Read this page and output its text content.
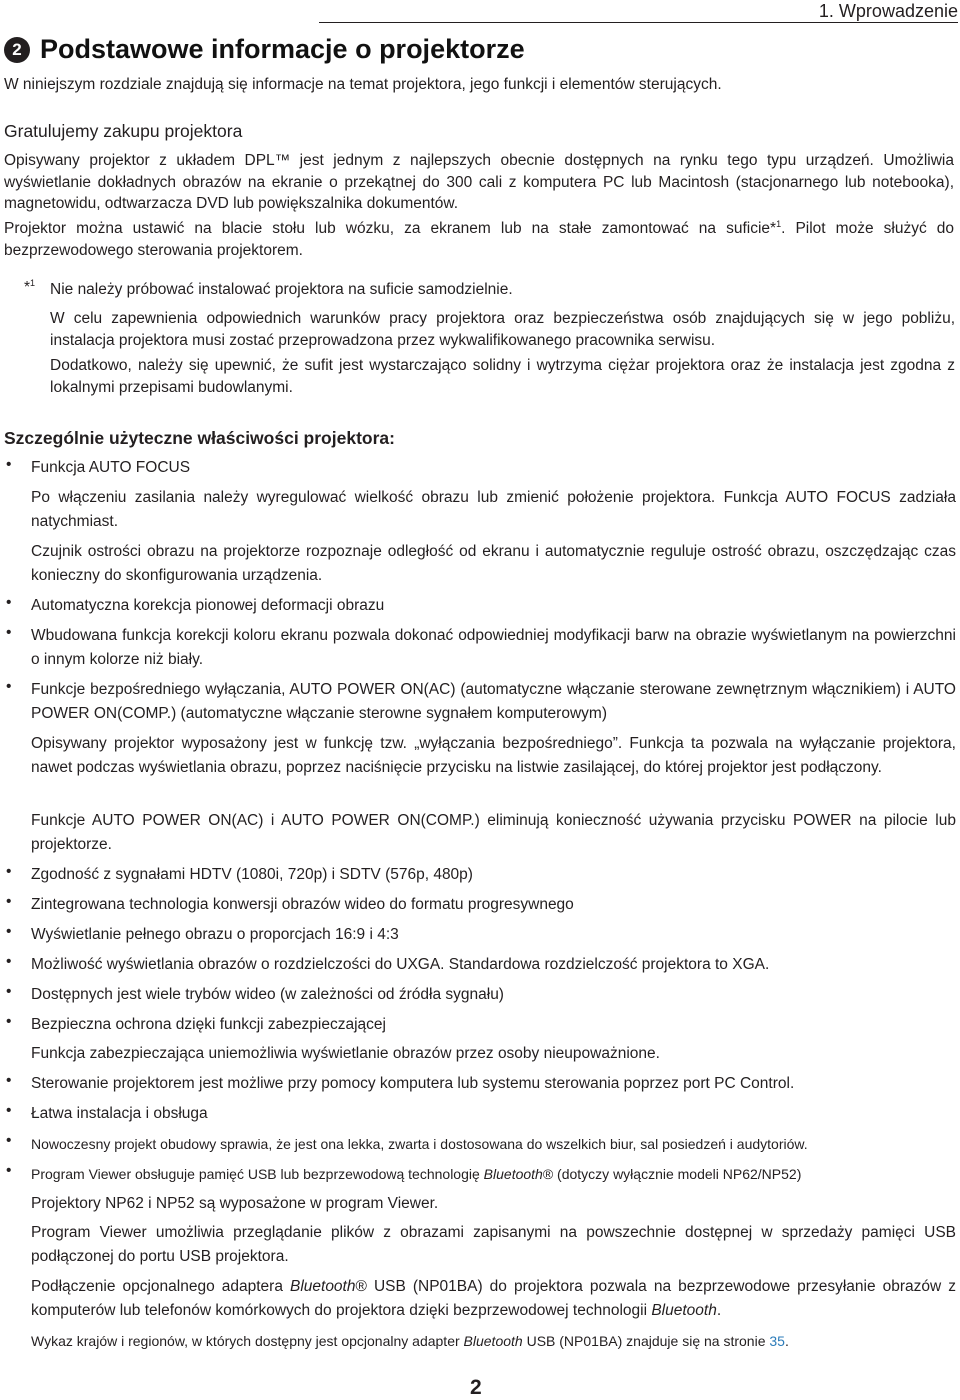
1. Wprowadzenie
2 Podstawowe informacje o projektorze
W niniejszym rozdziale znajdują się informacje na temat projektora, jego funkcji i elementów sterujących.
Gratulujemy zakupu projektora
Opisywany projektor z układem DPL™ jest jednym z najlepszych obecnie dostępnych na rynku tego typu urządzeń. Umożliwia wyświetlanie dokładnych obrazów na ekranie o przekątnej do 300 cali z komputera PC lub Macintosh (stacjonarnego lub notebooka), magnetowidu, odtwarzacza DVD lub powiększalnika dokumentów.
Projektor można ustawić na blacie stołu lub wózku, za ekranem lub na stałe zamontować na suficie*$^1$. Pilot może służyć do bezprzewodowego sterowania projektorem.
*$^1$ Nie należy próbować instalować projektora na suficie samodzielnie.
W celu zapewnienia odpowiednich warunków pracy projektora oraz bezpieczeństwa osób znajdujących się w jego pobliżu, instalacja projektora musi zostać przeprowadzona przez wykwalifikowanego pracownika serwisu.
Dodatkowo, należy się upewnić, że sufit jest wystarczająco solidny i wytrzyma ciężar projektora oraz że instalacja jest zgodna z lokalnymi przepisami budowlanymi.
Szczególnie użyteczne właściwości projektora:
• Funkcja AUTO FOCUS
Po włączeniu zasilania należy wyregulować wielkość obrazu lub zmienić położenie projektora. Funkcja AUTO FOCUS zadziała natychmiast.
Czujnik ostrości obrazu na projektorze rozpoznaje odległość od ekranu i automatycznie reguluje ostrość obrazu, oszczędzając czas konieczny do skonfigurowania urządzenia.
• Automatyczna korekcja pionowej deformacji obrazu
• Wbudowana funkcja korekcji koloru ekranu pozwala dokonać odpowiedniej modyfikacji barw na obrazie wyświetlanym na powierzchni o innym kolorze niż biały.
• Funkcje bezpośredniego wyłączania, AUTO POWER ON(AC) (automatyczne włączanie sterowane zewnętrznym włącznikiem) i AUTO POWER ON(COMP.) (automatyczne włączanie sterowne sygnałem komputerowym)
Opisywany projektor wyposażony jest w funkcję tzw. „wyłączania bezpośredniego”. Funkcja ta pozwala na wyłączanie projektora, nawet podczas wyświetlania obrazu, poprzez naciśnięcie przycisku na listwie zasilającej, do której projektor jest podłączony.
Funkcje AUTO POWER ON(AC) i AUTO POWER ON(COMP.) eliminują konieczność używania przycisku POWER na pilocie lub projektorze.
• Zgodność z sygnałami HDTV (1080i, 720p) i SDTV (576p, 480p)
• Zintegrowana technologia konwersji obrazów wideo do formatu progresywnego
• Wyświetlanie pełnego obrazu o proporcjach 16:9 i 4:3
• Możliwość wyświetlania obrazów o rozdzielczości do UXGA. Standardowa rozdzielczość projektora to XGA.
• Dostępnych jest wiele trybów wideo (w zależności od źródła sygnału)
• Bezpieczna ochrona dzięki funkcji zabezpieczającej
Funkcja zabezpieczająca uniemożliwia wyświetlanie obrazów przez osoby nieupoważnione.
• Sterowanie projektorem jest możliwe przy pomocy komputera lub systemu sterowania poprzez port PC Control.
• Łatwa instalacja i obsługa
• Nowoczesny projekt obudowy sprawia, że jest ona lekka, zwarta i dostosowana do wszelkich biur, sal posiedzeń i audytoriów.
• Program Viewer obsługuje pamięć USB lub bezprzewodową technologię Bluetooth® (dotyczy wyłącznie modeli NP62/NP52)
Projektory NP62 i NP52 są wyposażone w program Viewer.
Program Viewer umożliwia przeglądanie plików z obrazami zapisanymi na powszechnie dostępnej w sprzedaży pamięci USB podłączonej do portu USB projektora.
Podłączenie opcjonalnego adaptera Bluetooth® USB (NP01BA) do projektora pozwala na bezprzewodowe przesyłanie obrazów z komputerów lub telefonów komórkowych do projektora dzięki bezprzewodowej technologii Bluetooth.
Wykaz krajów i regionów, w których dostępny jest opcjonalny adapter Bluetooth USB (NP01BA) znajduje się na stronie 35.
2
